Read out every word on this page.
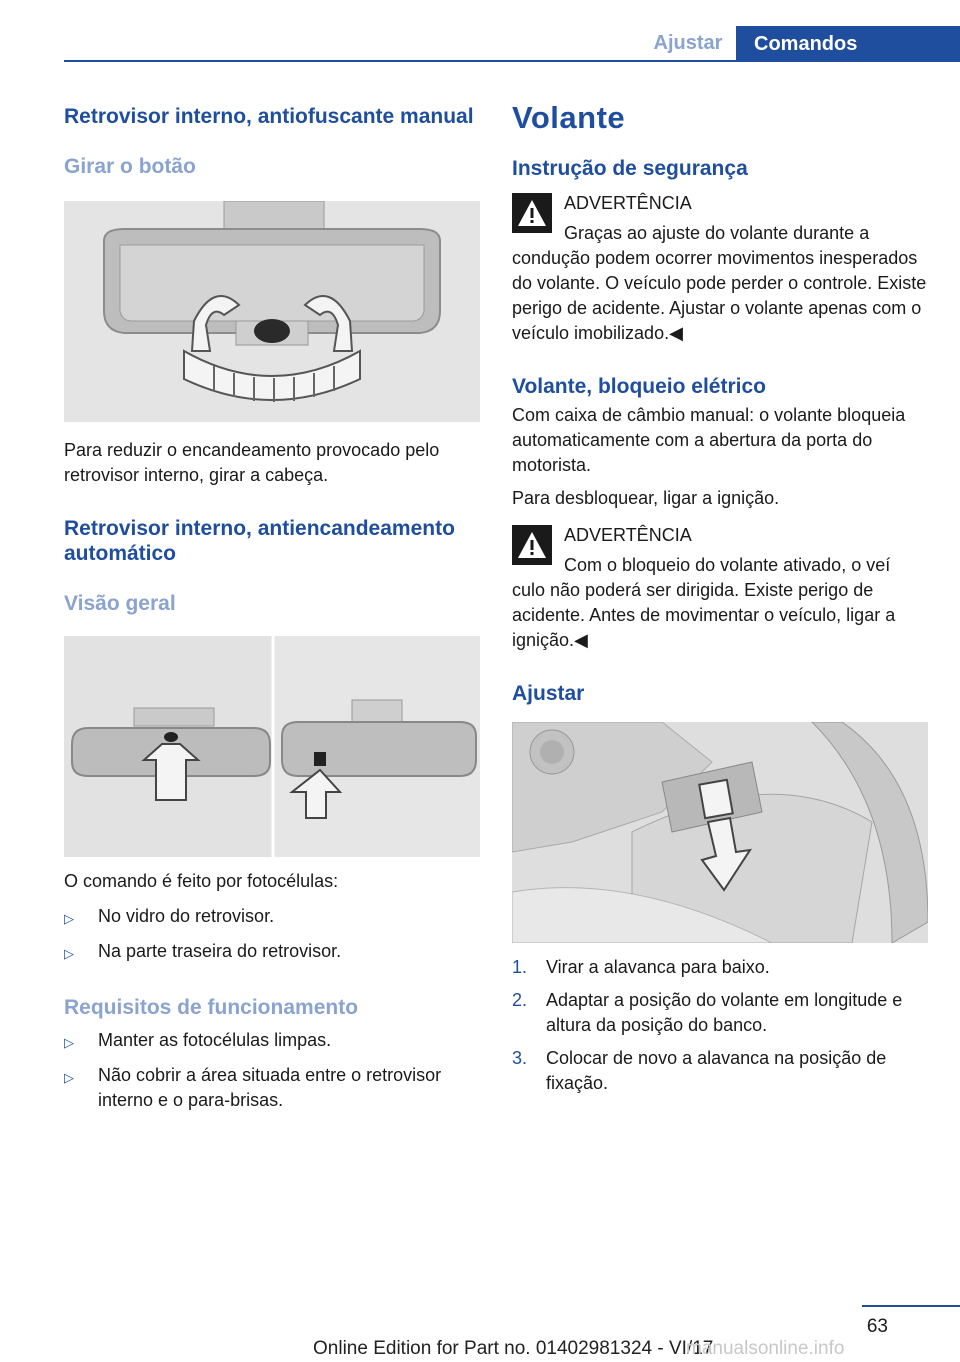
Ajustar	Comandos
Retrovisor interno, antiofuscante manual
Girar o botão

Para reduzir o encandeamento provocado pelo retrovisor interno, girar a cabeça.

Retrovisor interno, antiencandeamento automático
Visão geral

O comando é feito por fotocélulas:

▷	No vidro do retrovisor.
▷	Na parte traseira do retrovisor.
Requisitos de funcionamento
▷	Manter as fotocélulas limpas.
▷	Não cobrir a área situada entre o retrovisor interno e o para-brisas.
Volante
Instrução de segurança

ADVERTÊNCIA

Graças ao ajuste do volante durante a

condução podem ocorrer movimentos inesperados do volante. O veículo pode perder o controle. Existe perigo de acidente. Ajustar o volante apenas com o veículo imobilizado.◀

Volante, bloqueio elétrico

Com caixa de câmbio manual: o volante bloqueia automaticamente com a abertura da porta do motorista.

Para desbloquear, ligar a ignição.

ADVERTÊNCIA

Com o bloqueio do volante ativado, o veí

culo não poderá ser dirigida. Existe perigo de acidente. Antes de movimentar o veículo, ligar a ignição.◀

Ajustar
1.	Virar a alavanca para baixo.
2.	Adaptar a posição do volante em longitude e altura da posição do banco.
3.	Colocar de novo a alavanca na posição de fixação.
63
Online Edition for Part no. 01402981324 - VI/17
manualsonline.info
